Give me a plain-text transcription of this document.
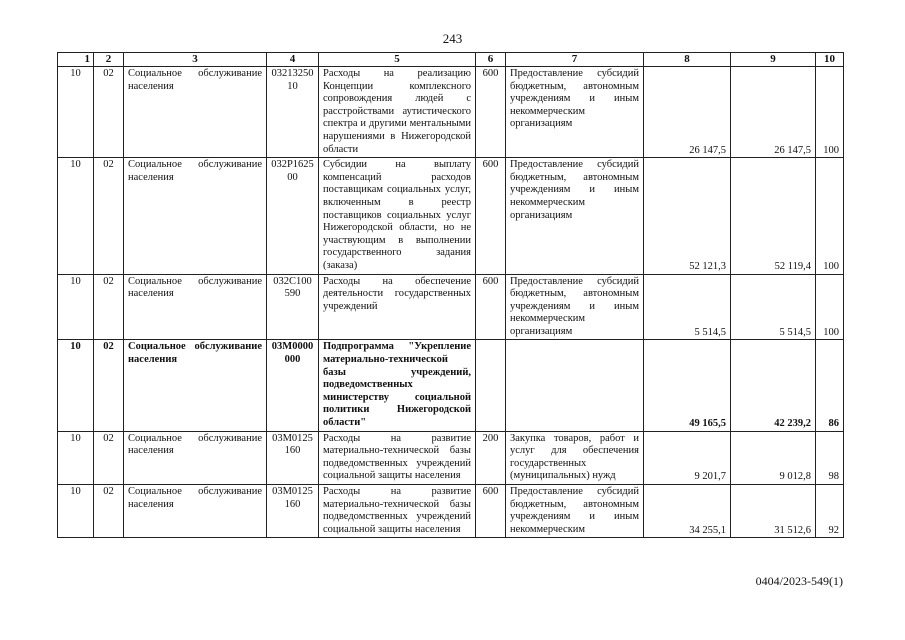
243
1	2	3	4	5	6	7	8	9	10
10	02	Социальное обслуживание населения	0321325010	Расходы на реализацию Концепции комплексного сопровождения людей с расстройствами аутистического спектра и другими ментальными нарушениями в Нижегородской области	600	Предоставление субсидий бюджетным, автономным учреждениям и иным некоммерческим организациям	26 147,5	26 147,5	100
10	02	Социальное обслуживание населения	032P162500	Субсидии на выплату компенсаций расходов поставщикам социальных услуг, включенным в реестр поставщиков социальных услуг Нижегородской области, но не участвующим в выполнении государственного задания (заказа)	600	Предоставление субсидий бюджетным, автономным учреждениям и иным некоммерческим организациям	52 121,3	52 119,4	100
10	02	Социальное обслуживание населения	032C100590	Расходы на обеспечение деятельности государственных учреждений	600	Предоставление субсидий бюджетным, автономным учреждениям и иным некоммерческим организациям	5 514,5	5 514,5	100
10	02	Социальное обслуживание населения	03М0000000	Подпрограмма "Укрепление материально-технической базы учреждений, подведомственных министерству социальной политики Нижегородской области"			49 165,5	42 239,2	86
10	02	Социальное обслуживание населения	03М0125160	Расходы на развитие материально-технической базы подведомственных учреждений социальной защиты населения	200	Закупка товаров, работ и услуг для обеспечения государственных (муниципальных) нужд	9 201,7	9 012,8	98
10	02	Социальное обслуживание населения	03М0125160	Расходы на развитие материально-технической базы подведомственных учреждений социальной защиты населения	600	Предоставление субсидий бюджетным, автономным учреждениям и иным некоммерческим	34 255,1	31 512,6	92
0404/2023-549(1)
